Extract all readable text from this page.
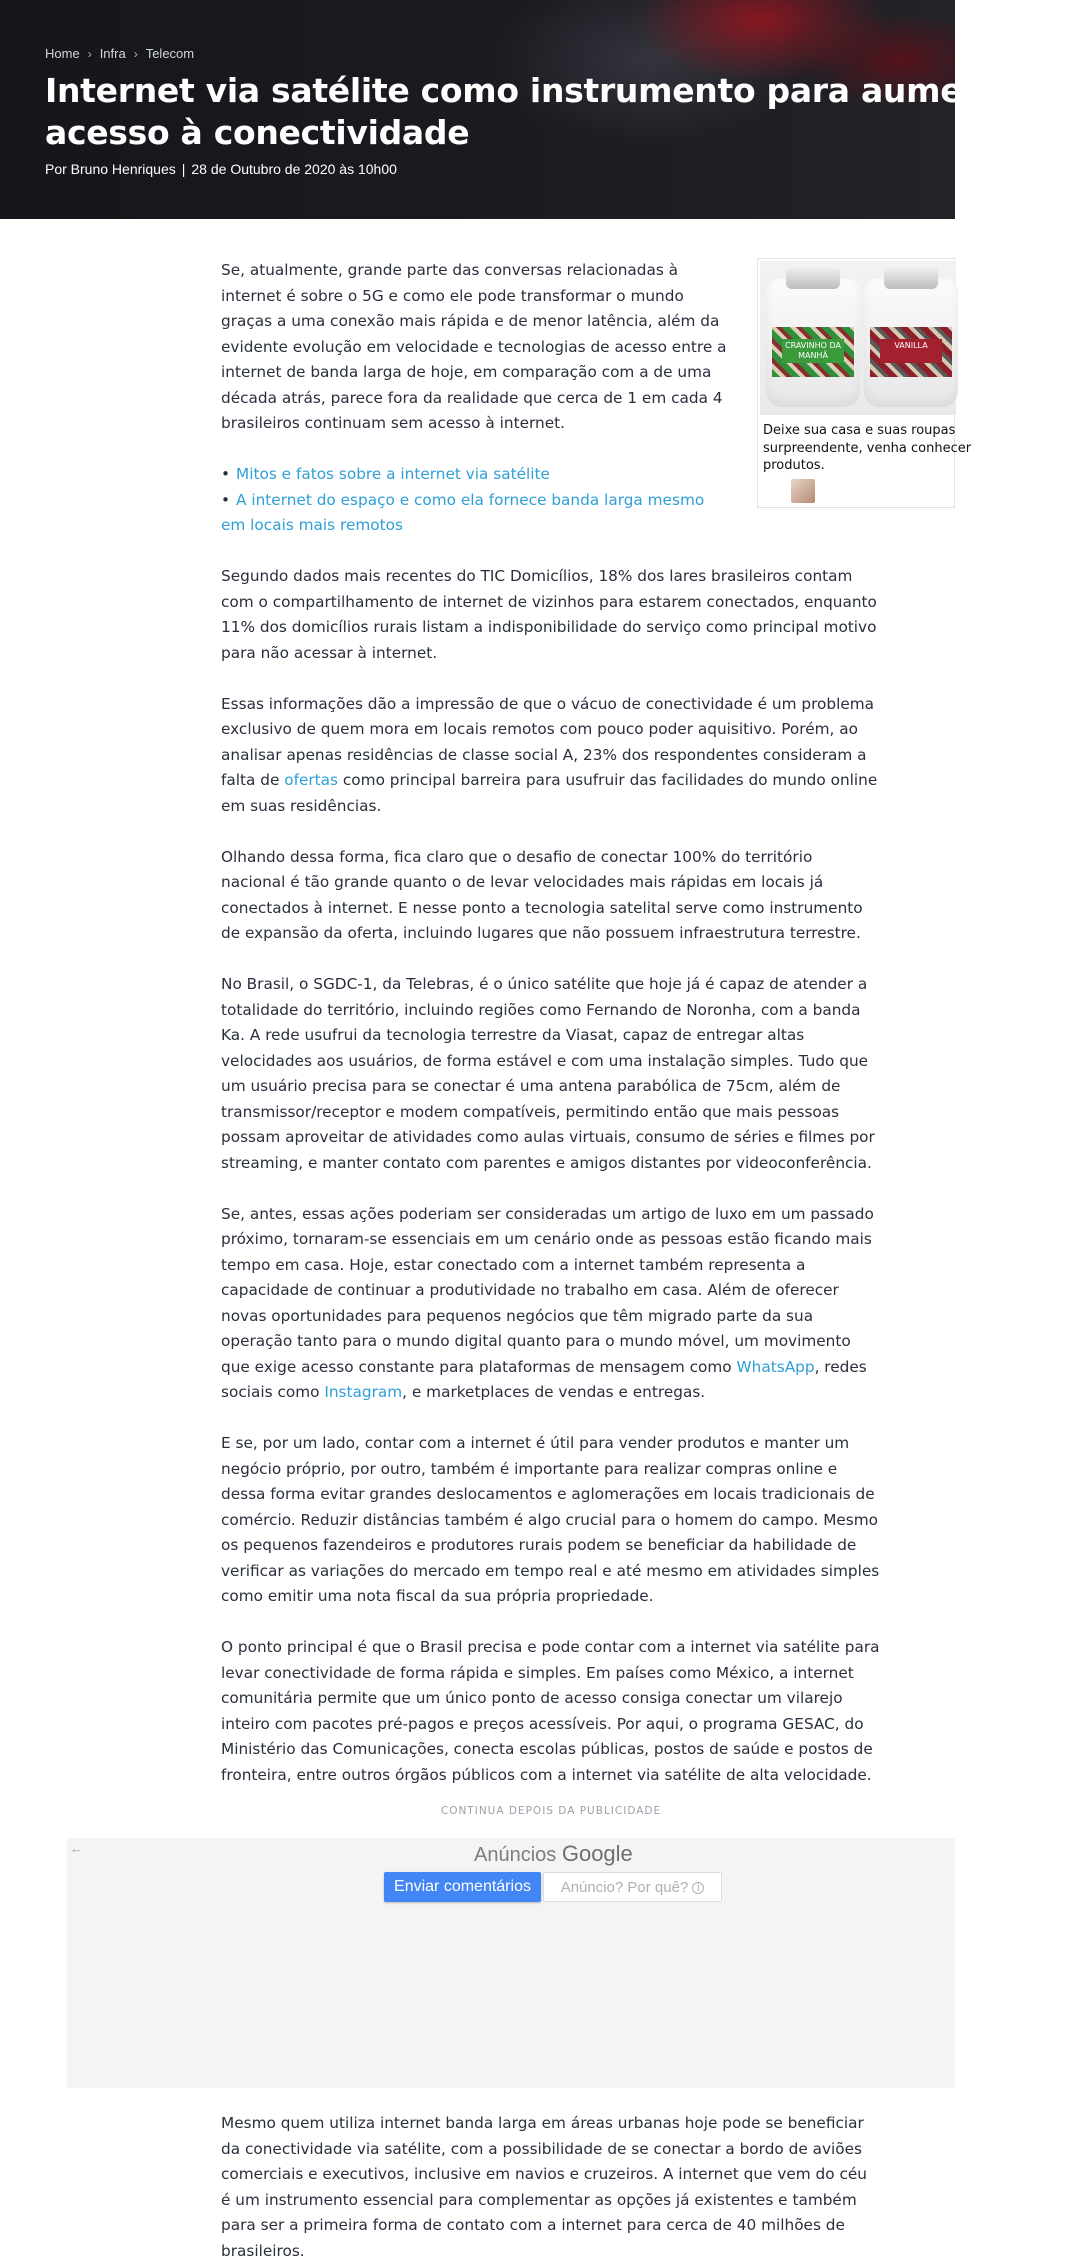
Home › Infra › Telecom
Internet via satélite como instrumento para aumentar o
acesso à conectividade
Por Bruno Henriques | 28 de Outubro de 2020 às 10h00
CRAVINHO DA MANHÃ
VANILLA
Deixe sua casa e suas roupas
surpreendente, venha conhecer
produtos.

Se, atualmente, grande parte das conversas relacionadas à internet é sobre o 5G e como ele pode transformar o mundo graças a uma conexão mais rápida e de menor latência, além da evidente evolução em velocidade e tecnologias de acesso entre a internet de banda larga de hoje, em comparação com a de uma década atrás, parece fora da realidade que cerca de 1 em cada 4 brasileiros continuam sem acesso à internet.

• Mitos e fatos sobre a internet via satélite
• A internet do espaço e como ela fornece banda larga mesmo em locais mais remotos

Segundo dados mais recentes do TIC Domicílios, 18% dos lares brasileiros contam com o compartilhamento de internet de vizinhos para estarem conectados, enquanto 11% dos domicílios rurais listam a indisponibilidade do serviço como principal motivo para não acessar à internet.

Essas informações dão a impressão de que o vácuo de conectividade é um problema exclusivo de quem mora em locais remotos com pouco poder aquisitivo. Porém, ao analisar apenas residências de classe social A, 23% dos respondentes consideram a falta de ofertas como principal barreira para usufruir das facilidades do mundo online em suas residências.

Olhando dessa forma, fica claro que o desafio de conectar 100% do território nacional é tão grande quanto o de levar velocidades mais rápidas em locais já conectados à internet. E nesse ponto a tecnologia satelital serve como instrumento de expansão da oferta, incluindo lugares que não possuem infraestrutura terrestre.

No Brasil, o SGDC-1, da Telebras, é o único satélite que hoje já é capaz de atender a totalidade do território, incluindo regiões como Fernando de Noronha, com a banda Ka. A rede usufrui da tecnologia terrestre da Viasat, capaz de entregar altas velocidades aos usuários, de forma estável e com uma instalação simples. Tudo que um usuário precisa para se conectar é uma antena parabólica de 75cm, além de transmissor/receptor e modem compatíveis, permitindo então que mais pessoas possam aproveitar de atividades como aulas virtuais, consumo de séries e filmes por streaming, e manter contato com parentes e amigos distantes por videoconferência.

Se, antes, essas ações poderiam ser consideradas um artigo de luxo em um passado próximo, tornaram-se essenciais em um cenário onde as pessoas estão ficando mais tempo em casa. Hoje, estar conectado com a internet também representa a capacidade de continuar a produtividade no trabalho em casa. Além de oferecer novas oportunidades para pequenos negócios que têm migrado parte da sua operação tanto para o mundo digital quanto para o mundo móvel, um movimento que exige acesso constante para plataformas de mensagem como WhatsApp, redes sociais como Instagram, e marketplaces de vendas e entregas.

E se, por um lado, contar com a internet é útil para vender produtos e manter um negócio próprio, por outro, também é importante para realizar compras online e dessa forma evitar grandes deslocamentos e aglomerações em locais tradicionais de comércio. Reduzir distâncias também é algo crucial para o homem do campo. Mesmo os pequenos fazendeiros e produtores rurais podem se beneficiar da habilidade de verificar as variações do mercado em tempo real e até mesmo em atividades simples como emitir uma nota fiscal da sua própria propriedade.

O ponto principal é que o Brasil precisa e pode contar com a internet via satélite para levar conectividade de forma rápida e simples. Em países como México, a internet comunitária permite que um único ponto de acesso consiga conectar um vilarejo inteiro com pacotes pré-pagos e preços acessíveis. Por aqui, o programa GESAC, do Ministério das Comunicações, conecta escolas públicas, postos de saúde e postos de fronteira, entre outros órgãos públicos com a internet via satélite de alta velocidade.

CONTINUA DEPOIS DA PUBLICIDADE
←	Anúncios Google
Enviar comentários	Anúncio? Por quê? i

Mesmo quem utiliza internet banda larga em áreas urbanas hoje pode se beneficiar da conectividade via satélite, com a possibilidade de se conectar a bordo de aviões comerciais e executivos, inclusive em navios e cruzeiros. A internet que vem do céu é um instrumento essencial para complementar as opções já existentes e também para ser a primeira forma de contato com a internet para cerca de 40 milhões de brasileiros.
